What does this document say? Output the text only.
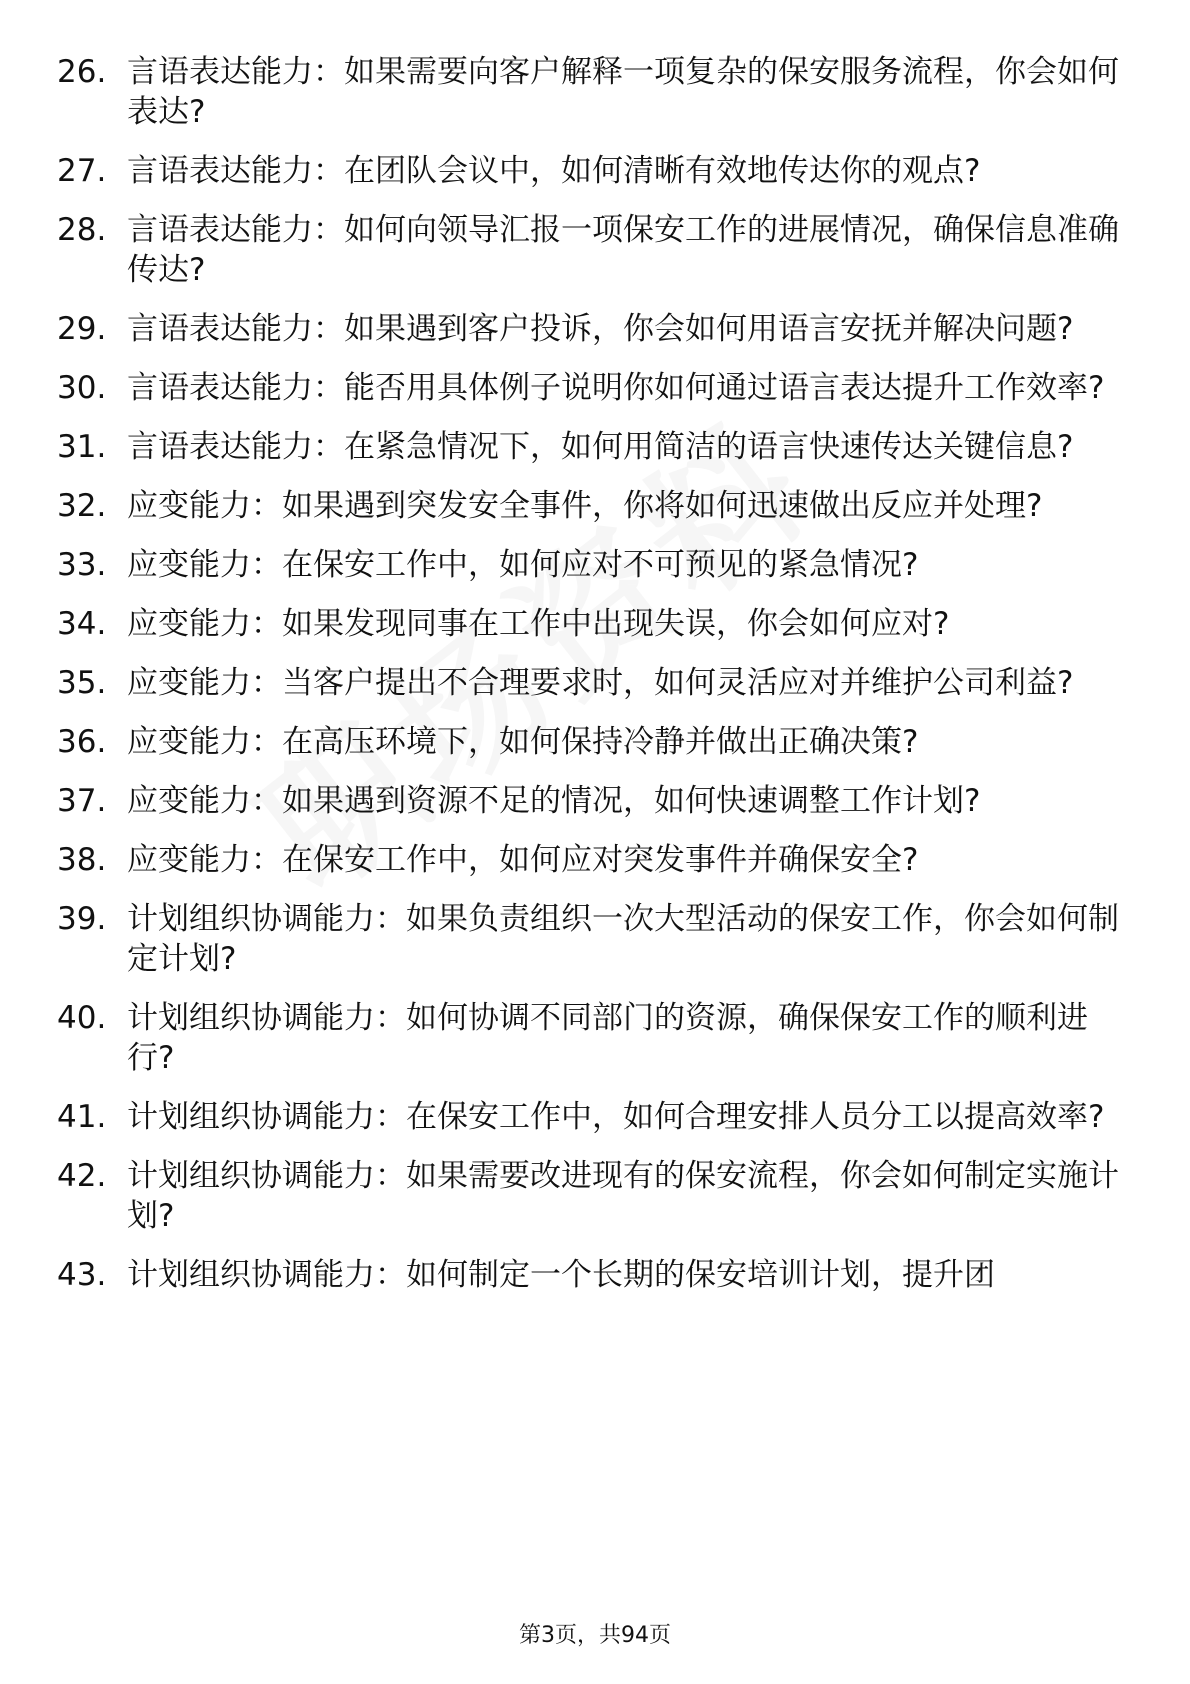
26. 言语表达能力：如果需要向客户解释一项复杂的保安服务流程，你会如何表达?
27. 言语表达能力：在团队会议中，如何清晰有效地传达你的观点?
28. 言语表达能力：如何向领导汇报一项保安工作的进展情况，确保信息准确传达?
29. 言语表达能力：如果遇到客户投诉，你会如何用语言安抚并解决问题?
30. 言语表达能力：能否用具体例子说明你如何通过语言表达提升工作效率?
31. 言语表达能力：在紧急情况下，如何用简洁的语言快速传达关键信息?
32. 应变能力：如果遇到突发安全事件，你将如何迅速做出反应并处理?
33. 应变能力：在保安工作中，如何应对不可预见的紧急情况?
34. 应变能力：如果发现同事在工作中出现失误，你会如何应对?
35. 应变能力：当客户提出不合理要求时，如何灵活应对并维护公司利益?
36. 应变能力：在高压环境下，如何保持冷静并做出正确决策?
37. 应变能力：如果遇到资源不足的情况，如何快速调整工作计划?
38. 应变能力：在保安工作中，如何应对突发事件并确保安全?
39. 计划组织协调能力：如果负责组织一次大型活动的保安工作，你会如何制定计划?
40. 计划组织协调能力：如何协调不同部门的资源，确保保安工作的顺利进行?
41. 计划组织协调能力：在保安工作中，如何合理安排人员分工以提高效率?
42. 计划组织协调能力：如果需要改进现有的保安流程，你会如何制定实施计划?
43. 计划组织协调能力：如何制定一个长期的保安培训计划，提升团
第3页，共94页
